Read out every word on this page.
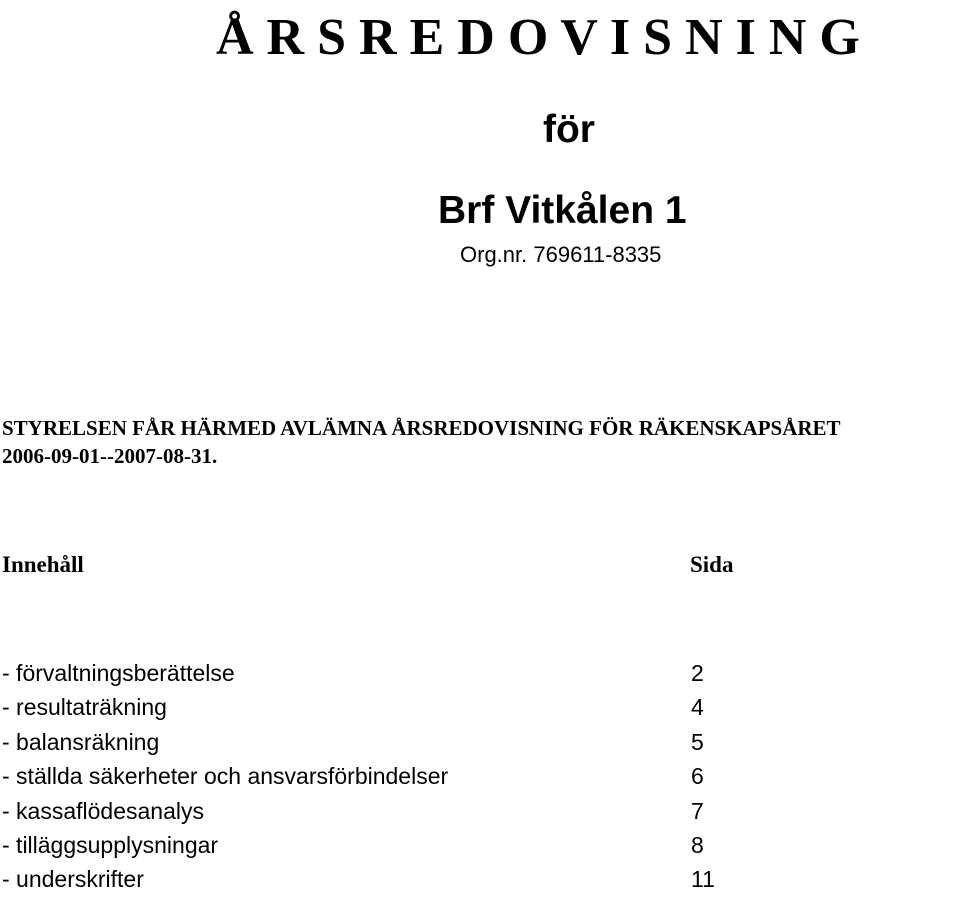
Å R S R E D O V I S N I N G
för
Brf Vitkålen 1
Org.nr. 769611-8335
STYRELSEN FÅR HÄRMED AVLÄMNA ÅRSREDOVISNING FÖR RÄKENSKAPSÅRET
2006-09-01--2007-08-31.
Innehåll	Sida
- förvaltningsberättelse	2
- resultaträkning	4
- balansräkning	5
- ställda säkerheter och ansvarsförbindelser	6
- kassaflödesanalys	7
- tilläggsupplysningar	8
- underskrifter	11
